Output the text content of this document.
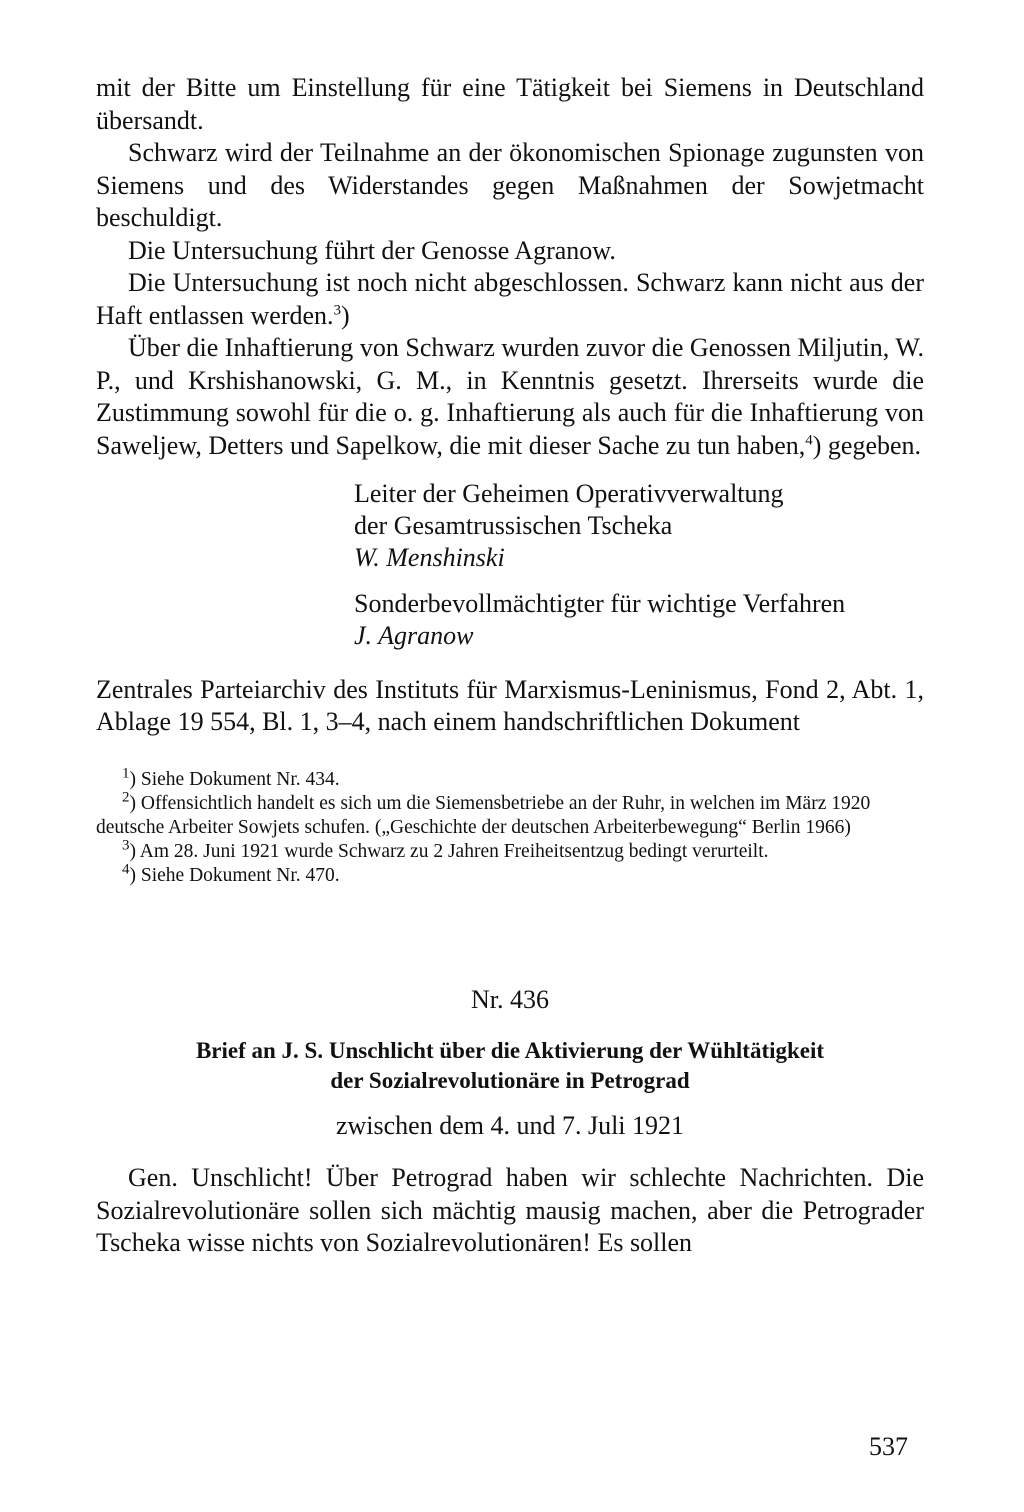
mit der Bitte um Einstellung für eine Tätigkeit bei Siemens in Deutschland übersandt.

Schwarz wird der Teilnahme an der ökonomischen Spionage zugunsten von Siemens und des Widerstandes gegen Maßnahmen der Sowjetmacht beschuldigt.

Die Untersuchung führt der Genosse Agranow.

Die Untersuchung ist noch nicht abgeschlossen. Schwarz kann nicht aus der Haft entlassen werden.$^3$)

Über die Inhaftierung von Schwarz wurden zuvor die Genossen Miljutin, W. P., und Krshishanowski, G. M., in Kenntnis gesetzt. Ihrerseits wurde die Zustimmung sowohl für die o. g. Inhaftierung als auch für die Inhaftierung von Saweljew, Detters und Sapelkow, die mit dieser Sache zu tun haben,$^4$) gegeben.

Leiter der Geheimen Operativverwaltung
der Gesamtrussischen Tscheka
W. Menshinski
Sonderbevollmächtigter für wichtige Verfahren
J. Agranow
Zentrales Parteiarchiv des Instituts für Marxismus-Leninismus, Fond 2, Abt. 1, Ablage 19 554, Bl. 1, 3–4, nach einem handschriftlichen Dokument

$^1$) Siehe Dokument Nr. 434.

$^2$) Offensichtlich handelt es sich um die Siemensbetriebe an der Ruhr, in welchen im März 1920 deutsche Arbeiter Sowjets schufen. („Geschichte der deutschen Arbeiterbewegung“ Berlin 1966)

$^3$) Am 28. Juni 1921 wurde Schwarz zu 2 Jahren Freiheitsentzug bedingt verurteilt.

$^4$) Siehe Dokument Nr. 470.

Nr. 436
Brief an J. S. Unschlicht über die Aktivierung der Wühltätigkeit
der Sozialrevolutionäre in Petrograd
zwischen dem 4. und 7. Juli 1921

Gen. Unschlicht! Über Petrograd haben wir schlechte Nachrichten. Die Sozialrevolutionäre sollen sich mächtig mausig machen, aber die Petrograder Tscheka wisse nichts von Sozialrevolutionären! Es sollen

537
